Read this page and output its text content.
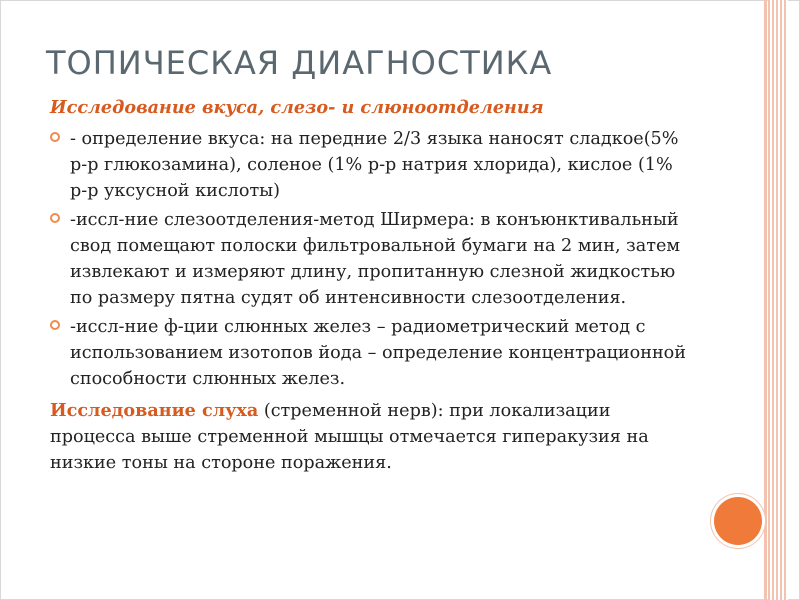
ТОПИЧЕСКАЯ ДИАГНОСТИКА
Исследование вкуса, слезо- и слюноотделения
- определение вкуса: на передние 2/3 языка наносят сладкое(5% р-р глюкозамина), соленое (1% р-р натрия хлорида), кислое (1% р-р уксусной кислоты)
-иссл-ние слезоотделения-метод Ширмера: в конъюнктивальный свод помещают полоски фильтровальной бумаги на 2 мин, затем извлекают и измеряют длину, пропитанную слезной жидкостью по размеру пятна судят об интенсивности слезоотделения.
-иссл-ние ф-ции слюнных желез – радиометрический метод с использованием изотопов йода – определение концентрационной способности слюнных желез.
Исследование слуха (стременной нерв): при локализации процесса выше стременной мышцы отмечается гиперакузия на низкие тоны на стороне поражения.
